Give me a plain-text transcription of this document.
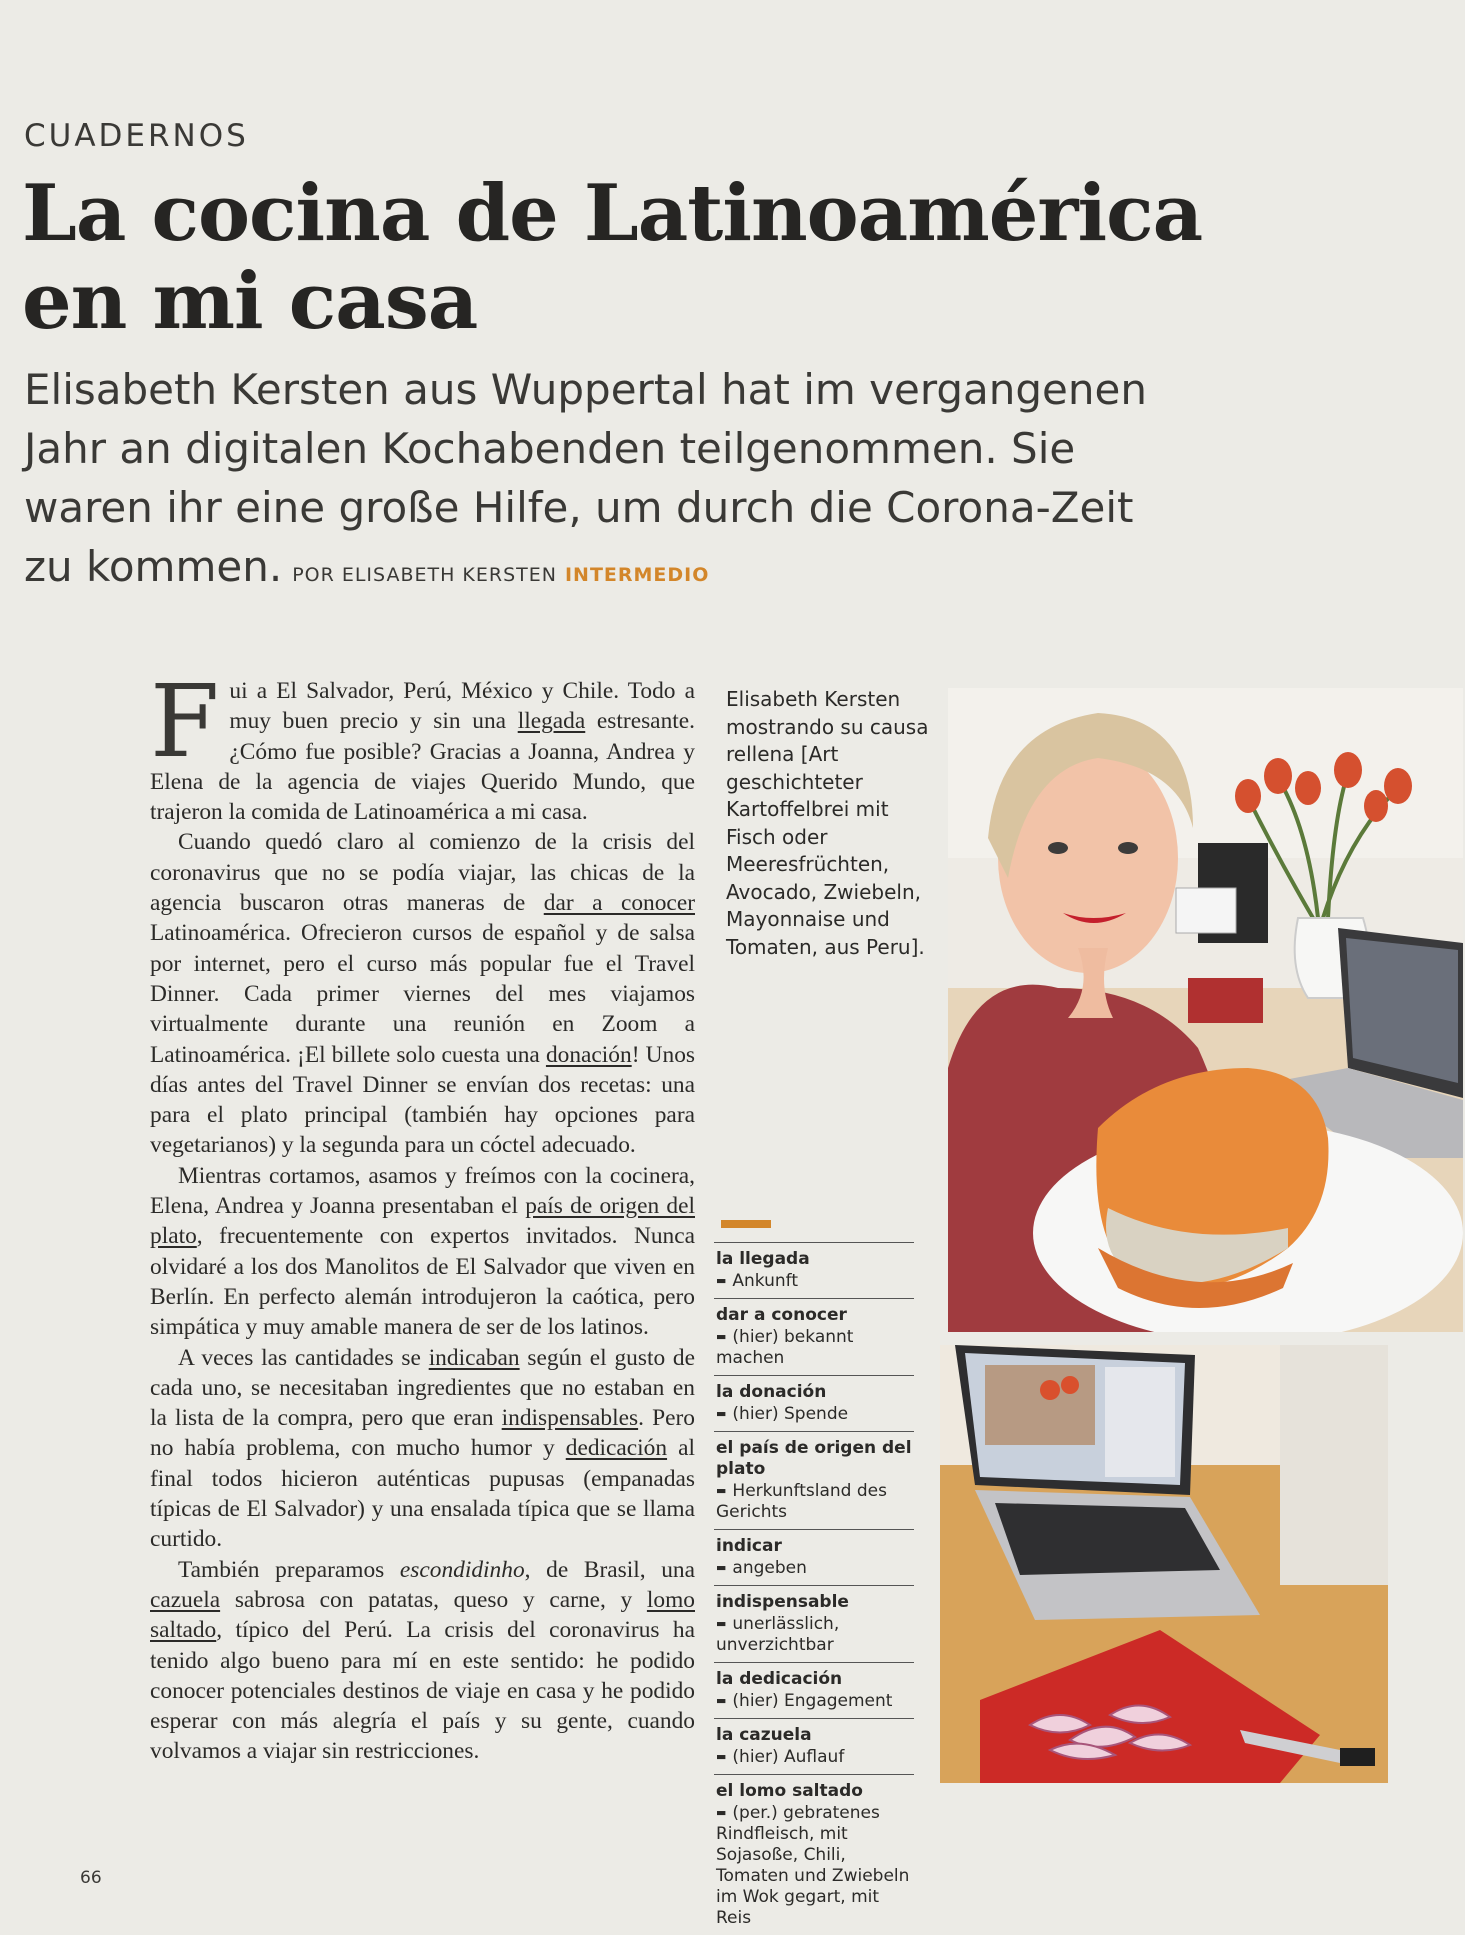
CUADERNOS
La cocina de Latinoamérica en mi casa

Elisabeth Kersten aus Wuppertal hat im vergangenen Jahr an digitalen Kochabenden teilgenommen. Sie waren ihr eine große Hilfe, um durch die Corona-Zeit zu kommen. POR ELISABETH KERSTEN INTERMEDIO

Fui a El Salvador, Perú, México y Chile. Todo a muy buen precio y sin una llegada estresante. ¿Cómo fue posible? Gracias a Joanna, Andrea y Elena de la agencia de viajes Querido Mundo, que trajeron la comida de Latinoamérica a mi casa.

Cuando quedó claro al comienzo de la crisis del coronavirus que no se podía viajar, las chicas de la agencia buscaron otras maneras de dar a conocer Latinoamérica. Ofrecieron cursos de español y de salsa por internet, pero el curso más popular fue el Travel Dinner. Cada primer viernes del mes viajamos virtualmente durante una reunión en Zoom a Latinoamérica. ¡El billete solo cuesta una donación! Unos días antes del Travel Dinner se envían dos recetas: una para el plato principal (también hay opciones para vegetarianos) y la segunda para un cóctel adecuado.

Mientras cortamos, asamos y freímos con la cocinera, Elena, Andrea y Joanna presentaban el país de origen del plato, frecuentemente con expertos invitados. Nunca olvidaré a los dos Manolitos de El Salvador que viven en Berlín. En perfecto alemán introdujeron la caótica, pero simpática y muy amable manera de ser de los latinos.

A veces las cantidades se indicaban según el gusto de cada uno, se necesitaban ingredientes que no estaban en la lista de la compra, pero que eran indispensables. Pero no había problema, con mucho humor y dedicación al final todos hicieron auténticas pupusas (empanadas típicas de El Salvador) y una ensalada típica que se llama curtido.

También preparamos escondidinho, de Brasil, una cazuela sabrosa con patatas, queso y carne, y lomo saltado, típico del Perú. La crisis del coronavirus ha tenido algo bueno para mí en este sentido: he podido conocer potenciales destinos de viaje en casa y he podido esperar con más alegría el país y su gente, cuando volvamos a viajar sin restricciones.

Elisabeth Kersten mostrando su causa rellena [Art geschichteter Kartoffelbrei mit Fisch oder Meeresfrüchten, Avocado, Zwiebeln, Mayonnaise und Tomaten, aus Peru].

la llegada
▬ Ankunft
dar a conocer
▬ (hier) bekannt machen
la donación
▬ (hier) Spende
el país de origen del plato
▬ Herkunftsland des Gerichts
indicar
▬ angeben
indispensable
▬ unerlässlich, unverzichtbar
la dedicación
▬ (hier) Engagement
la cazuela
▬ (hier) Auflauf
el lomo saltado
▬ (per.) gebratenes Rindfleisch, mit Sojasoße, Chili, Tomaten und Zwiebeln im Wok gegart, mit Reis
66
